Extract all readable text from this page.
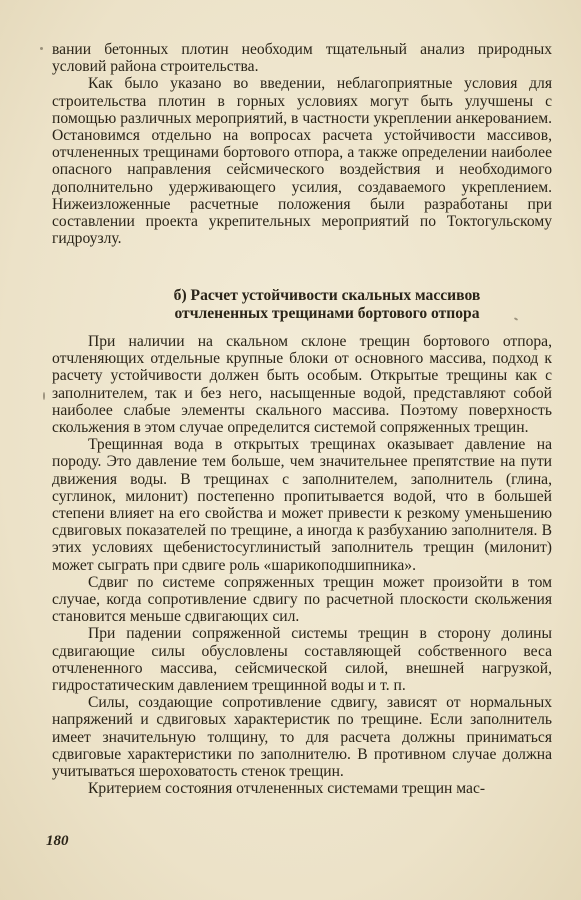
вании бетонных плотин необходим тщательный анализ природных условий района строительства.

Как было указано во введении, неблагоприятные условия для строительства плотин в горных условиях могут быть улучшены с помощью различных мероприятий, в частности укреплении анкерованием. Остановимся отдельно на вопросах расчета устойчивости массивов, отчлененных трещинами бортового отпора, а также определении наиболее опасного направления сейсмического воздействия и необходимого дополнительно удерживающего усилия, создаваемого укреплением. Нижеизложенные расчетные положения были разработаны при составлении проекта укрепительных мероприятий по Токтогульскому гидроузлу.

б) Расчет устойчивости скальных массивов
отчлененных трещинами бортового отпора

При наличии на скальном склоне трещин бортового отпора, отчленяющих отдельные крупные блоки от основного массива, подход к расчету устойчивости должен быть особым. Открытые трещины как с заполнителем, так и без него, насыщенные водой, представляют собой наиболее слабые элементы скального массива. Поэтому поверхность скольжения в этом случае определится системой сопряженных трещин.

Трещинная вода в открытых трещинах оказывает давление на породу. Это давление тем больше, чем значительнее препятствие на пути движения воды. В трещинах с заполнителем, заполнитель (глина, суглинок, милонит) постепенно пропитывается водой, что в большей степени влияет на его свойства и может привести к резкому уменьшению сдвиговых показателей по трещине, а иногда к разбуханию заполнителя. В этих условиях щебенистосуглинистый заполнитель трещин (милонит) может сыграть при сдвиге роль «шарикоподшипника».

Сдвиг по системе сопряженных трещин может произойти в том случае, когда сопротивление сдвигу по расчетной плоскости скольжения становится меньше сдвигающих сил.

При падении сопряженной системы трещин в сторону долины сдвигающие силы обусловлены составляющей собственного веса отчлененного массива, сейсмической силой, внешней нагрузкой, гидростатическим давлением трещинной воды и т. п.

Силы, создающие сопротивление сдвигу, зависят от нормальных напряжений и сдвиговых характеристик по трещине. Если заполнитель имеет значительную толщину, то для расчета должны приниматься сдвиговые характеристики по заполнителю. В противном случае должна учитываться шероховатость стенок трещин.

Критерием состояния отчлененных системами трещин мас-

180
